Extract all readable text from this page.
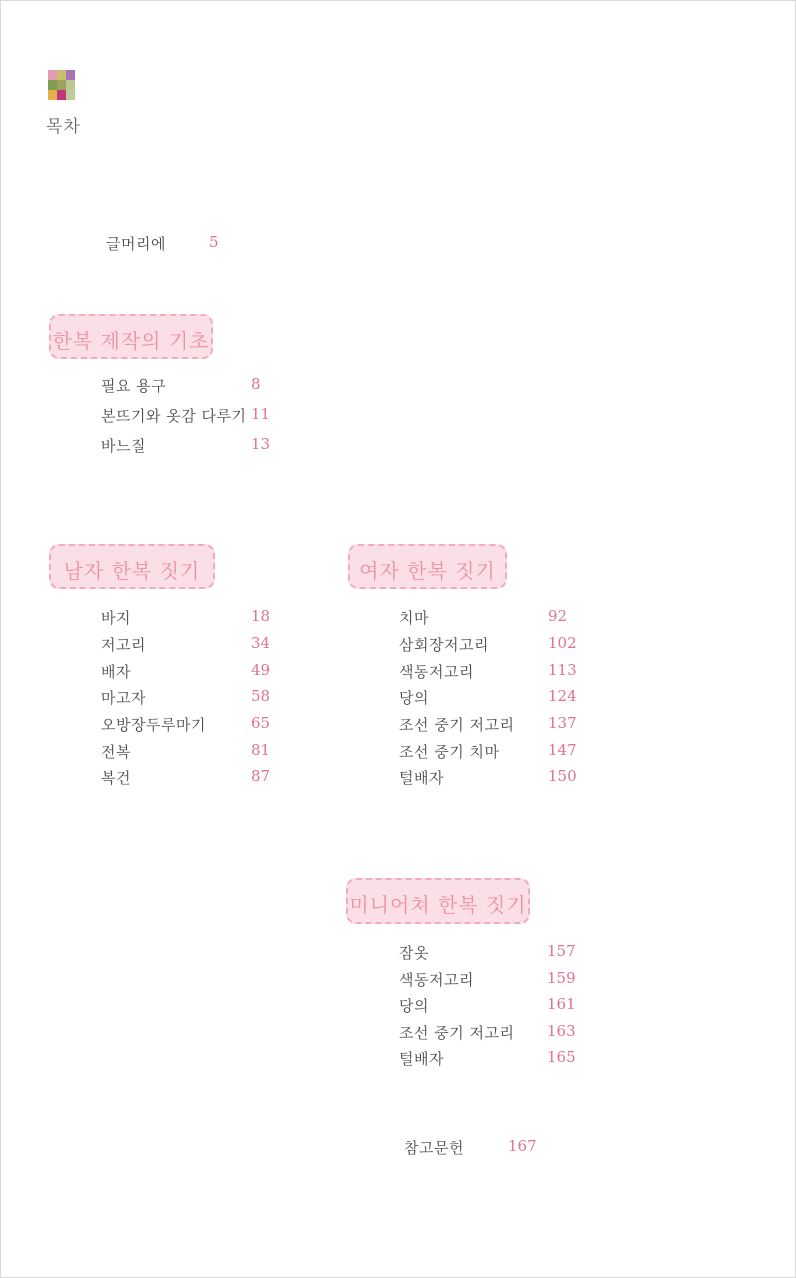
목차
글머리에	5
한복 제작의 기초
필요 용구	8
본뜨기와 옷감 다루기 11
바느질	13
남자 한복 짓기
바지	18
저고리	34
배자	49
마고자	58
오방장두루마기	65
전복	81
복건	87
여자 한복 짓기
치마	92
삼회장저고리	102
색동저고리	113
당의	124
조선 중기 저고리 137
조선 중기 치마	147
털배자	150
미니어쳐 한복 짓기
잠옷	157
색동저고리	159
당의	161
조선 중기 저고리 163
털배자	165
참고문헌	167
